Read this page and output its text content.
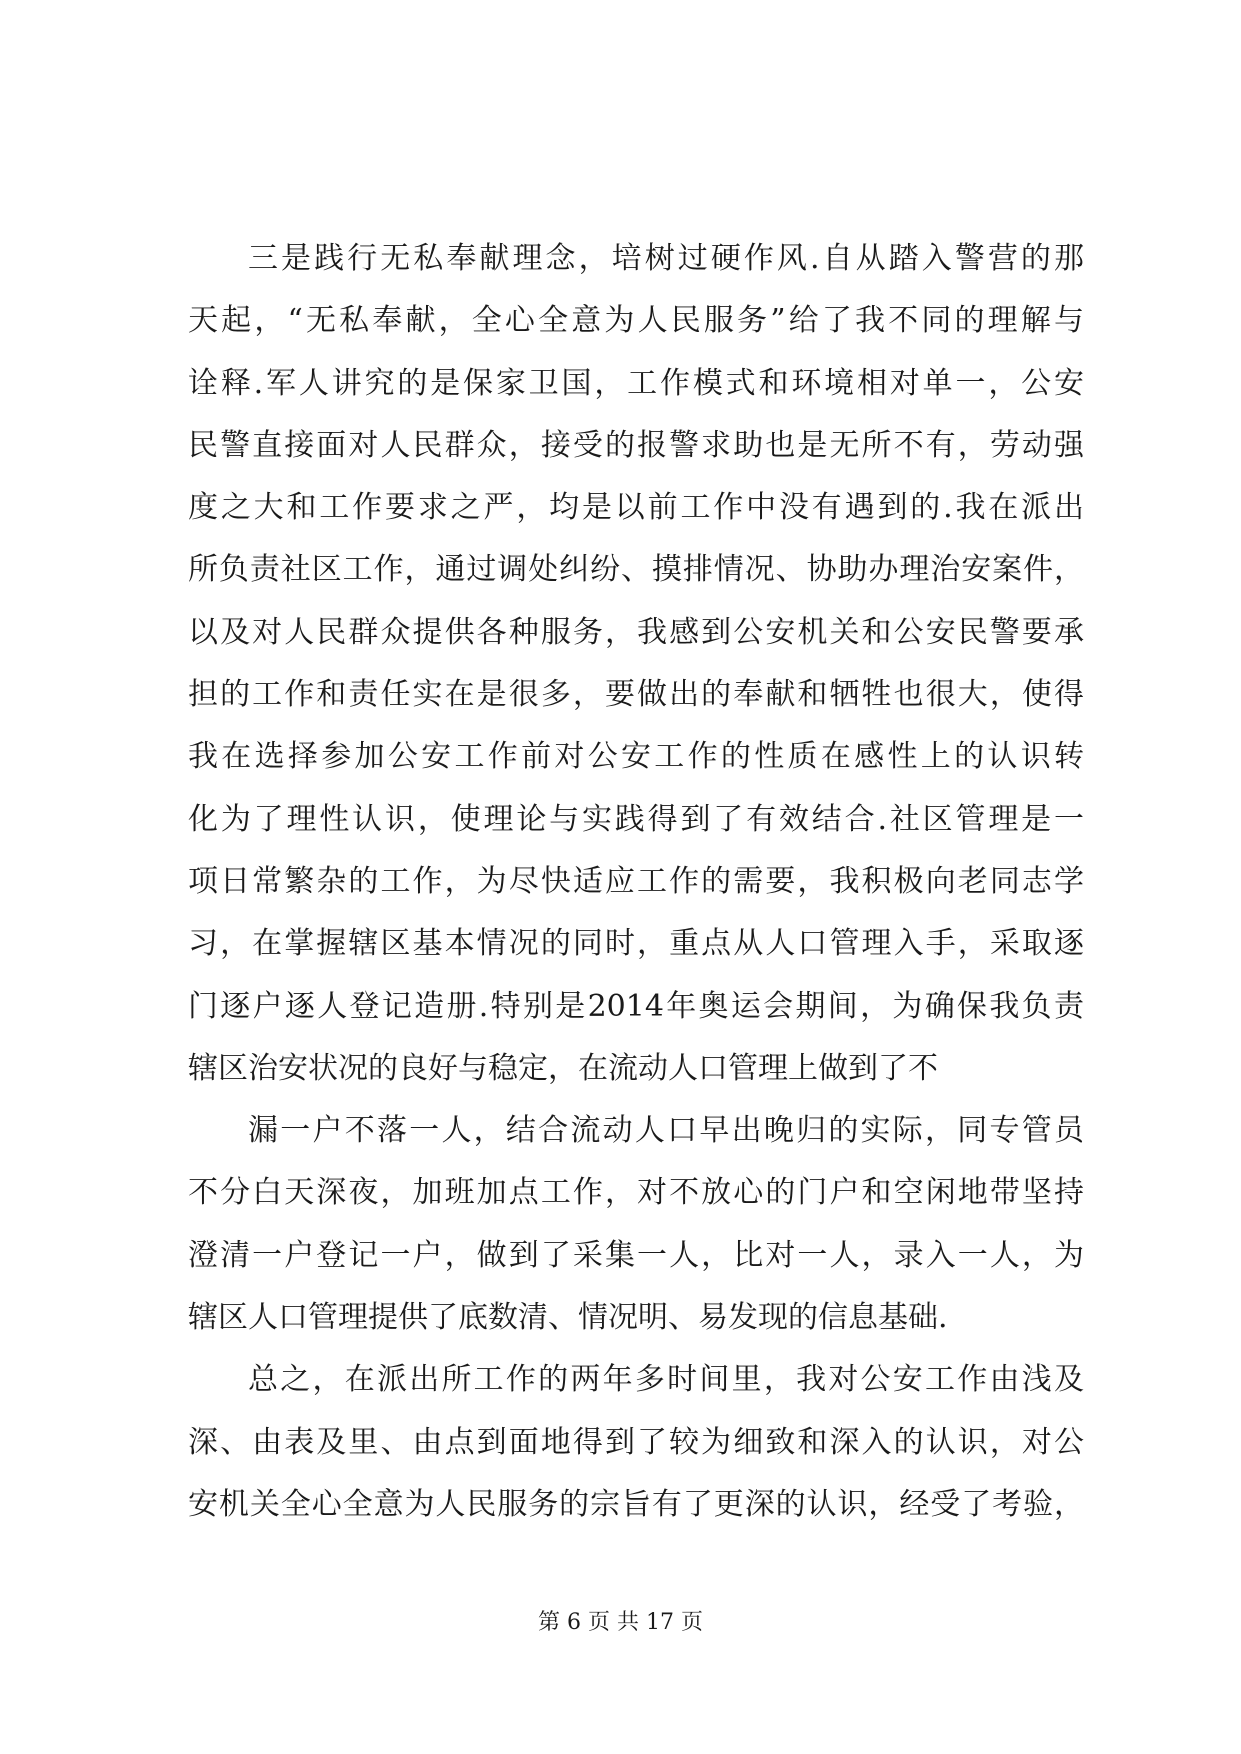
三是践行无私奉献理念，培树过硬作风.自从踏入警营的那
天起，“无私奉献，全心全意为人民服务”给了我不同的理解与
诠释.军人讲究的是保家卫国，工作模式和环境相对单一，公安
民警直接面对人民群众，接受的报警求助也是无所不有，劳动强
度之大和工作要求之严，均是以前工作中没有遇到的.我在派出
所负责社区工作，通过调处纠纷、摸排情况、协助办理治安案件，
以及对人民群众提供各种服务，我感到公安机关和公安民警要承
担的工作和责任实在是很多，要做出的奉献和牺牲也很大，使得
我在选择参加公安工作前对公安工作的性质在感性上的认识转
化为了理性认识，使理论与实践得到了有效结合.社区管理是一
项日常繁杂的工作，为尽快适应工作的需要，我积极向老同志学
习，在掌握辖区基本情况的同时，重点从人口管理入手，采取逐
门逐户逐人登记造册.特别是2014年奥运会期间，为确保我负责
辖区治安状况的良好与稳定，在流动人口管理上做到了不
漏一户不落一人，结合流动人口早出晚归的实际，同专管员
不分白天深夜，加班加点工作，对不放心的门户和空闲地带坚持
澄清一户登记一户，做到了采集一人，比对一人，录入一人，为
辖区人口管理提供了底数清、情况明、易发现的信息基础.
总之，在派出所工作的两年多时间里，我对公安工作由浅及
深、由表及里、由点到面地得到了较为细致和深入的认识，对公
安机关全心全意为人民服务的宗旨有了更深的认识，经受了考验，
第 6 页 共 17 页
